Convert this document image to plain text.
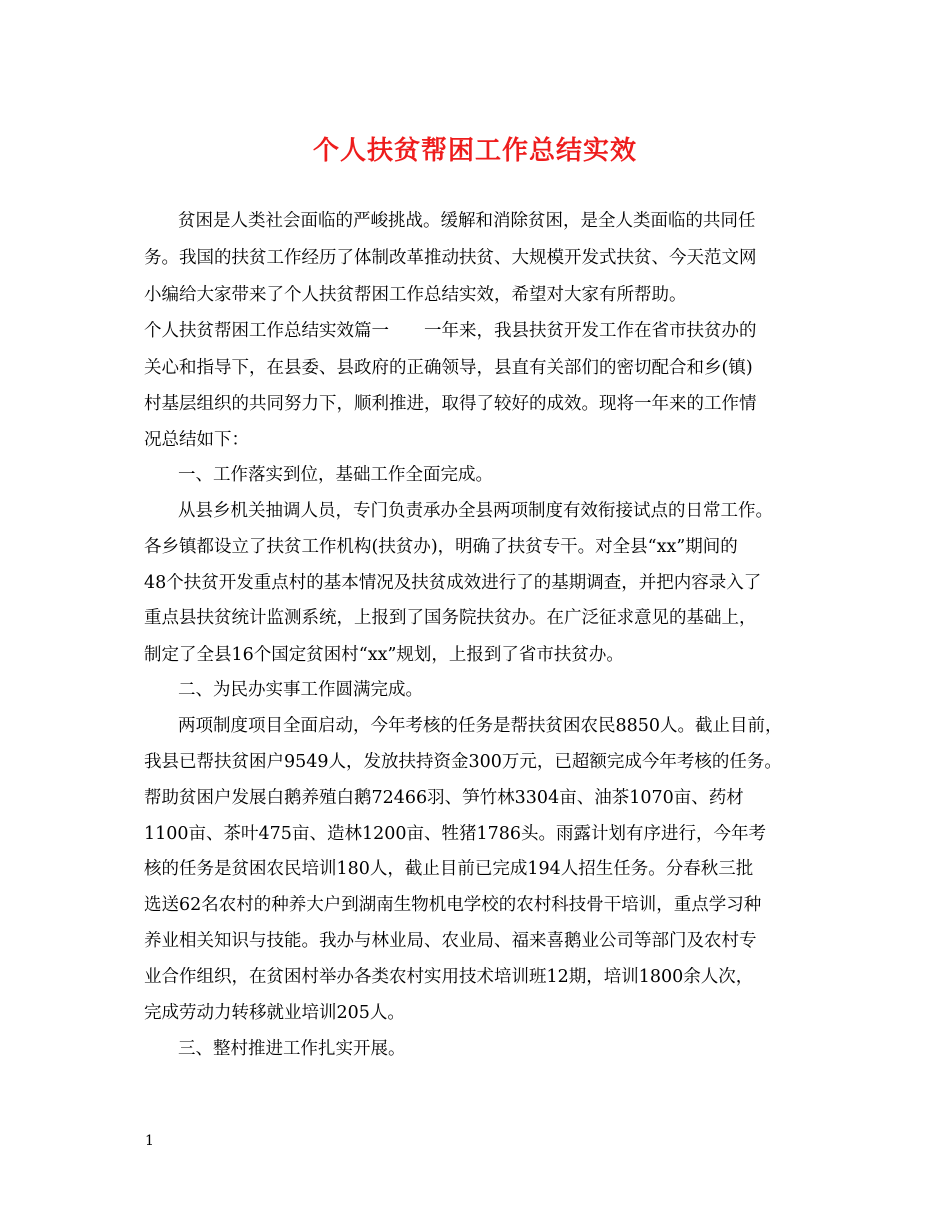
个人扶贫帮困工作总结实效
贫困是人类社会面临的严峻挑战。缓解和消除贫困，是全人类面临的共同任
务。我国的扶贫工作经历了体制改革推动扶贫、大规模开发式扶贫、今天范文网
小编给大家带来了个人扶贫帮困工作总结实效，希望对大家有所帮助。
个人扶贫帮困工作总结实效篇一　　一年来，我县扶贫开发工作在省市扶贫办的
关心和指导下，在县委、县政府的正确领导，县直有关部们的密切配合和乡(镇)
村基层组织的共同努力下，顺利推进，取得了较好的成效。现将一年来的工作情
况总结如下：
一、工作落实到位，基础工作全面完成。
从县乡机关抽调人员，专门负责承办全县两项制度有效衔接试点的日常工作。
各乡镇都设立了扶贫工作机构(扶贫办)，明确了扶贫专干。对全县“xx”期间的
48个扶贫开发重点村的基本情况及扶贫成效进行了的基期调查，并把内容录入了
重点县扶贫统计监测系统，上报到了国务院扶贫办。在广泛征求意见的基础上，
制定了全县16个国定贫困村“xx”规划，上报到了省市扶贫办。
二、为民办实事工作圆满完成。
两项制度项目全面启动，今年考核的任务是帮扶贫困农民8850人。截止目前，
我县已帮扶贫困户9549人，发放扶持资金300万元，已超额完成今年考核的任务。
帮助贫困户发展白鹅养殖白鹅72466羽、笋竹林3304亩、油茶1070亩、药材
1100亩、茶叶475亩、造林1200亩、牲猪1786头。雨露计划有序进行，今年考
核的任务是贫困农民培训180人，截止目前已完成194人招生任务。分春秋三批
选送62名农村的种养大户到湖南生物机电学校的农村科技骨干培训，重点学习种
养业相关知识与技能。我办与林业局、农业局、福来喜鹅业公司等部门及农村专
业合作组织，在贫困村举办各类农村实用技术培训班12期，培训1800余人次，
完成劳动力转移就业培训205人。
三、整村推进工作扎实开展。
1
